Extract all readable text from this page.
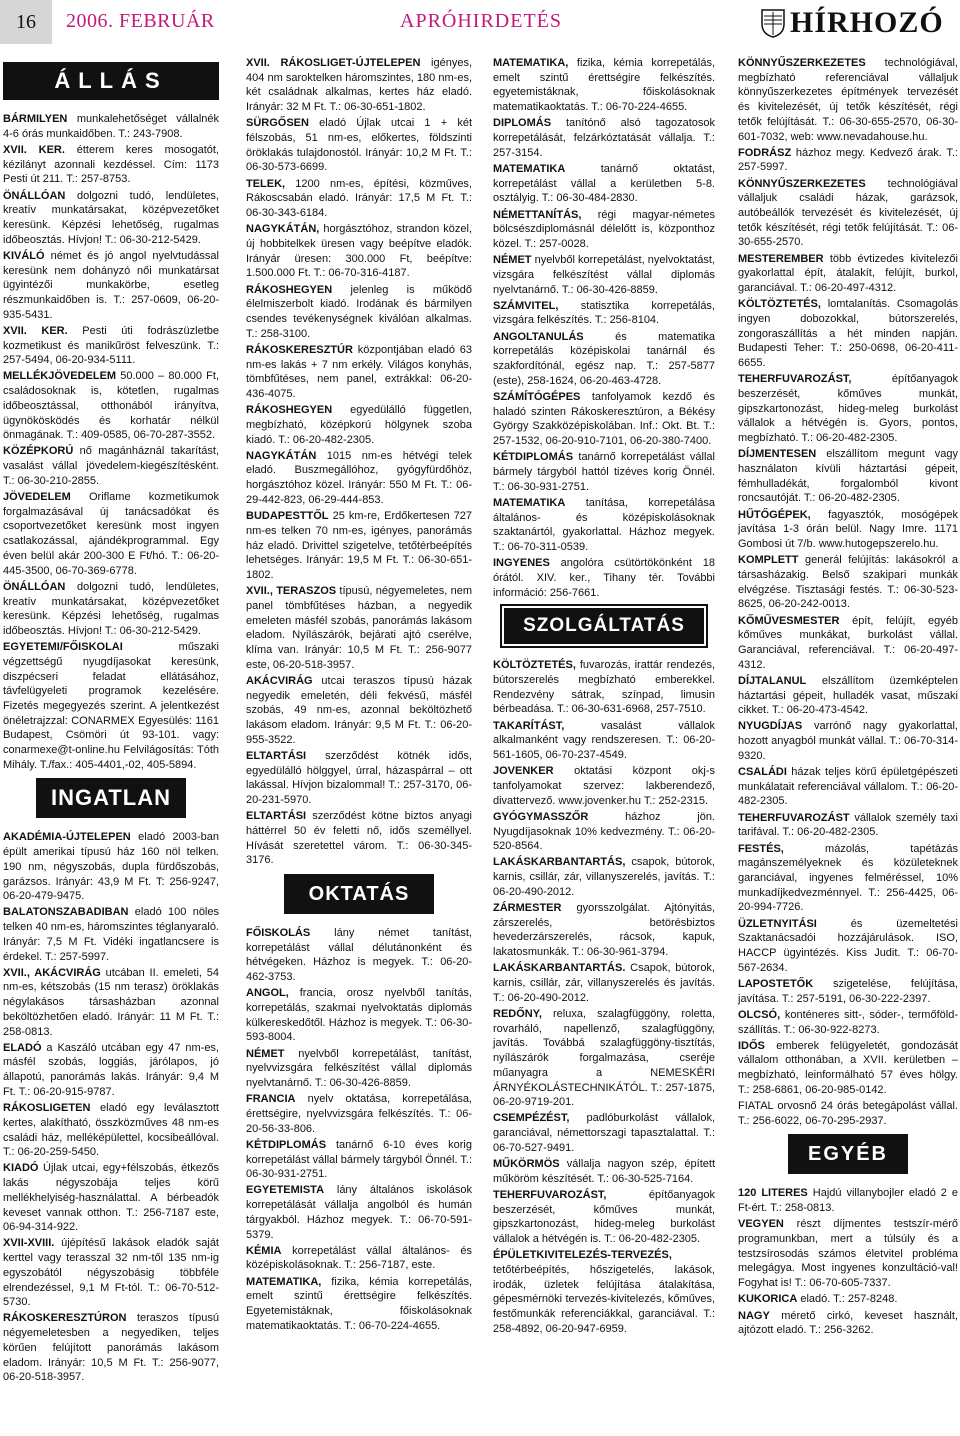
16	2006. FEBRUÁR	APRÓHIRDETÉS	HÍRHOZÓ
ÁLLÁS

BÁRMILYEN munkalehetőséget vállalnék 4-6 órás munkaidőben. T.: 243-7908.

XVII. KER. étterem keres mosogatót, kézilányt azonnali kezdéssel. Cím: 1173 Pesti út 211. T.: 257-8753.

ÖNÁLLÓAN dolgozni tudó, lendületes, kreatív munkatársakat, középvezetőket keresünk. Képzési lehetőség, rugalmas időbeosztás. Hívjon! T.: 06-30-212-5429.

KIVÁLÓ német és jó angol nyelvtudással keresünk nem dohányzó női munkatársat ügyintézői munkakörbe, esetleg részmunkaidőben is. T.: 257-0609, 06-20-935-5431.

XVII. KER. Pesti úti fodrászüzletbe kozmetikust és manikűröst felveszünk. T.: 257-5494, 06-20-934-5111.

MELLÉKJÖVEDELEM 50.000 – 80.000 Ft, családosoknak is, kötetlen, rugalmas időbeosztással, otthonából irányítva, ügynökösködés és korhatár nélkül önmagának. T.: 409-0585, 06-70-287-3552.

KÖZÉPKORÚ nő magánháznál takarítást, vasalást vállal jövedelem-kiegészítésként. T.: 06-30-210-2855.

JÖVEDELEM Oriflame kozmetikumok forgalmazásával új tanácsadókat és csoportvezetőket keresünk most ingyen csatlakozással, ajándékprogrammal. Egy éven belül akár 200-300 E Ft/hó. T.: 06-20-445-3500, 06-70-369-6778.

ÖNÁLLÓAN dolgozni tudó, lendületes, kreatív munkatársakat, középvezetőket keresünk. Képzési lehetőség, rugalmas időbeosztás. Hívjon! T.: 06-30-212-5429.

EGYETEMI/FŐISKOLAI műszaki végzettségű nyugdíjasokat keresünk, diszpécseri feladat ellátásához, távfelügyeleti programok kezelésére. Fizetés megegyezés szerint. A jelentkezést önéletrajzzal: CONARMEX Egyesülés: 1161 Budapest, Csömöri út 93-101. vagy: conarmexe@t-online.hu Felvilágosítás: Tóth Mihály. T./fax.: 405-4401,-02, 405-5894.

INGATLAN

AKADÉMIA-ÚJTELEPEN eladó 2003-ban épült amerikai típusú ház 160 nöl telken. 190 nm, négyszobás, dupla fürdőszobás, garázsos. Irányár: 43,9 M Ft. T: 256-9247, 06-20-479-9475.

BALATONSZABADIBAN eladó 100 nöles telken 40 nm-es, háromszintes téglanyaraló. Irányár: 7,5 M Ft. Vidéki ingatlancsere is érdekel. T.: 257-5997.

XVII., AKÁCVIRÁG utcában II. emeleti, 54 nm-es, kétszobás (15 nm terasz) öröklakás négylakásos társasházban azonnal beköltözhetően eladó. Irányár: 11 M Ft. T.: 258-0813.

ELADÓ a Kaszáló utcában egy 47 nm-es, másfél szobás, loggiás, járólapos, jó állapotú, panorámás lakás. Irányár: 9,4 M Ft. T.: 06-20-915-9787.

RÁKOSLIGETEN eladó egy leválasztott kertes, alakítható, összközműves 48 nm-es családi ház, melléképülettel, kocsibeállóval. T.: 06-20-259-5450.

KIADÓ Újlak utcai, egy+félszobás, étkezős lakás négyszobája teljes körű mellékhelyiség-használattal. A bérbeadók keveset vannak otthon. T.: 256-7187 este, 06-94-314-922.

XVII-XVIII. újépítésű lakások eladók saját kerttel vagy terasszal 32 nm-től 135 nm-ig egyszobától négyszobásig többféle elrendezéssel, 9,1 M Ft-tól. T.: 06-70-512-5730.

RÁKOSKERESZTÚRON teraszos típusú négyemeletesben a negyediken, teljes körűen felújított panorámás lakásom eladom. Irányár: 10,5 M Ft. T.: 256-9077, 06-20-518-3957.

XVII. RÁKOSLIGET-ÚJTELEPEN igényes, 404 nm saroktelken háromszintes, 180 nm-es, két családnak alkalmas, kertes ház eladó. Irányár: 32 M Ft. T.: 06-30-651-1802.

SÜRGŐSEN eladó Újlak utcai 1 + két félszobás, 51 nm-es, előkertes, földszinti öröklakás tulajdonostól. Irányár: 10,2 M Ft. T.: 06-30-573-6699.

TELEK, 1200 nm-es, építési, közműves, Rákoscsabán eladó. Irányár: 17,5 M Ft. T.: 06-30-343-6184.

NAGYKÁTÁN, horgásztóhoz, strandon közel, új hobbitelkek üresen vagy beépítve eladók. Irányár üresen: 300.000 Ft, beépítve: 1.500.000 Ft. T.: 06-70-316-4187.

RÁKOSHEGYEN jelenleg is működő élelmiszerbolt kiadó. Irodának és bármilyen csendes tevékenységnek kiválóan alkalmas. T.: 258-3100.

RÁKOSKERESZTÚR központjában eladó 63 nm-es lakás + 7 nm erkély. Világos konyhás, tömbfűtéses, nem panel, extrákkal: 06-20-436-4075.

RÁKOSHEGYEN egyedülálló független, megbízható, középkorú hölgynek szoba kiadó. T.: 06-20-482-2305.

NAGYKÁTÁN 1015 nm-es hétvégi telek eladó. Buszmegállóhoz, gyógyfürdőhöz, horgásztóhoz közel. Irányár: 550 M Ft. T.: 06-29-442-823, 06-29-444-853.

BUDAPESTTŐL 25 km-re, Erdőkertesen 727 nm-es telken 70 nm-es, igényes, panorámás ház eladó. Drivittel szigetelve, tetőtérbeépítés lehetséges. Irányár: 19,5 M Ft. T.: 06-30-651-1802.

XVII., TERASZOS típusú, négyemeletes, nem panel tömbfűtéses házban, a negyedik emeleten másfél szobás, panorámás lakásom eladom. Nyílászárók, bejárati ajtó cserélve, klíma van. Irányár: 10,5 M Ft. T.: 256-9077 este, 06-20-518-3957.

AKÁCVIRÁG utcai teraszos típusú házak negyedik emeletén, déli fekvésű, másfél szobás, 49 nm-es, azonnal beköltözhető lakásom eladom. Irányár: 9,5 M Ft. T.: 06-20-955-3522.

ELTARTÁSI szerződést kötnék idős, egyedülálló hölggyel, úrral, házaspárral – ott lakással. Hívjon bizalommal! T.: 257-3170, 06-20-231-5970.

ELTARTÁSI szerződést kötne biztos anyagi háttérrel 50 év feletti nő, idős személlyel. Hívását szeretettel várom. T.: 06-30-345-3176.

OKTATÁS

FŐISKOLÁS lány német tanítást, korrepetálást vállal délutánonként és hétvégeken. Házhoz is megyek. T.: 06-20-462-3753.

ANGOL, francia, orosz nyelvből tanítás, korrepetálás, szakmai nyelvoktatás diplomás külkereskedőtől. Házhoz is megyek. T.: 06-30-593-8004.

NÉMET nyelvből korrepetálást, tanítást, nyelvvizsgára felkészítést vállal diplomás nyelvtanárnő. T.: 06-30-426-8859.

FRANCIA nyelv oktatása, korrepetálása, érettségire, nyelvvizsgára felkészítés. T.: 06-20-56-33-806.

KÉTDIPLOMÁS tanárnő 6-10 éves korig korrepetálást vállal bármely tárgyból Önnél. T.: 06-30-931-2751.

EGYETEMISTA lány általános iskolások korrepetálását vállalja angolból és humán tárgyakból. Házhoz megyek. T.: 06-70-591-5379.

KÉMIA korrepetálást vállal általános- és középiskolásoknak. T.: 256-7187, este.

MATEMATIKA, fizika, kémia korrepetálás, emelt szintű érettségire felkészítés. Egyetemistáknak, főiskolásoknak matematikaoktatás. T.: 06-70-224-4655.

MATEMATIKA, fizika, kémia korrepetálás, emelt szintű érettségire felkészítés. egyetemistáknak, főiskolásoknak matematikaoktatás. T.: 06-70-224-4655.

DIPLOMÁS tanítónő alsó tagozatosok korrepetálását, felzárkóztatását vállalja. T.: 257-3154.

MATEMATIKA tanárnő oktatást, korrepetálást vállal a kerületben 5-8. osztályig. T.: 06-30-484-2830.

NÉMETTANÍTÁS, régi magyar-németes bölcsészdiplomásnál délelőtt is, központhoz közel. T.: 257-0028.

NÉMET nyelvből korrepetálást, nyelvoktatást, vizsgára felkészítést vállal diplomás nyelvtanárnő. T.: 06-30-426-8859.

SZÁMVITEL, statisztika korrepetálás, vizsgára felkészítés. T.: 256-8104.

ANGOLTANULÁS és matematika korrepetálás középiskolai tanárnál és szakfordítónál, egész nap. T.: 257-5877 (este), 258-1624, 06-20-463-4728.

SZÁMÍTÓGÉPES tanfolyamok kezdő és haladó szinten Rákoskeresztúron, a Békésy György Szakközépiskolában. Inf.: Okt. Bt. T.: 257-1532, 06-20-910-7101, 06-20-380-7400.

KÉTDIPLOMÁS tanárnő korrepetálást vállal bármely tárgyból hattól tizéves korig Önnél. T.: 06-30-931-2751.

MATEMATIKA tanítása, korrepetálása általános- és középiskolásoknak szaktanártól, gyakorlattal. Házhoz megyek. T.: 06-70-311-0539.

INGYENES angolóra csütörtökönként 18 órától. XIV. ker., Tihany tér. További információ: 256-7661.

SZOLGÁLTATÁS

KÖLTÖZTETÉS, fuvarozás, irattár rendezés, bútorszerelés megbízható emberekkel. Rendezvény sátrak, színpad, limusin bérbeadása. T.: 06-30-631-6968, 257-7510.

TAKARÍTÁST, vasalást vállalok alkalmanként vagy rendszeresen. T.: 06-20-561-1605, 06-70-237-4549.

JOVENKER oktatási központ okj-s tanfolyamokat szervez: lakberendező, divattervező. www.jovenker.hu T.: 252-2315.

GYÓGYMASSZŐR házhoz jön. Nyugdíjasoknak 10% kedvezmény. T.: 06-20-520-8564.

LAKÁSKARBANTARTÁS, csapok, bútorok, karnis, csillár, zár, villanyszerelés, javítás. T.: 06-20-490-2012.

ZÁRMESTER gyorsszolgálat. Ajtónyitás, zárszerelés, betörésbiztos hevederzárszerelés, rácsok, kapuk, lakatosmunkák. T.: 06-30-961-3794.

LAKÁSKARBANTARTÁS. Csapok, bútorok, karnis, csillár, zár, villanyszerelés és javítás. T.: 06-20-490-2012.

REDŐNY, reluxa, szalagfüggöny, roletta, rovarháló, napellenző, szalagfüggöny, javítás. Továbbá szalagfüggöny-tisztítás, nyílászárók forgalmazása, cseréje műanyagra a NEMESKÉRI ÁRNYÉKOLÁSTECHNIKÁTÓL. T.: 257-1875, 06-20-9719-201.

CSEMPÉZÉST, padlóburkolást vállalok, garanciával, némettorszagi tapasztalattal. T.: 06-70-527-9491.

MŰKÖRMÖS vállalja nagyon szép, épített műköröm készítését. T.: 06-30-525-7164.

TEHERFUVAROZÁST, építőanyagok beszerzését, kőműves munkát, gipszkartonozást, hideg-meleg burkolást vállalok a hétvégén is. T.: 06-20-482-2305.

ÉPÜLETKIVITELEZÉS-TERVEZÉS, tetőtérbeépítés, hőszigetelés, lakások, irodák, üzletek felújítása átalakítása, gépesmérnöki tervezés-kivitelezés, kőműves, festőmunkák referenciákkal, garanciával. T.: 258-4892, 06-20-947-6959.

KÖNNYŰSZERKEZETES technológiával, megbízható referenciával vállaljuk könnyűszerkezetes építmények tervezését és kivitelezését, új tetők készítését, régi tetők felújítását. T.: 06-30-655-2570, 06-30-601-7032, web: www.nevadahouse.hu.

FODRÁSZ házhoz megy. Kedvező árak. T.: 257-5997.

KÖNNYŰSZERKEZETES technológiával vállaljuk családi házak, garázsok, autóbeállók tervezését és kivitelezését, új tetők készítését, régi tetők felújítását. T.: 06-30-655-2570.

MESTEREMBER több évtizedes kivitelezői gyakorlattal épít, átalakít, felújít, burkol, garanciával. T.: 06-20-497-4312.

KÖLTÖZTETÉS, lomtalanítás. Csomagolás ingyen dobozokkal, bútorszerelés, zongoraszállítás a hét minden napján. Budapesti Teher: T.: 250-0698, 06-20-411-6655.

TEHERFUVAROZÁST, építőanyagok beszerzését, kőműves munkát, gipszkartonozást, hideg-meleg burkolást vállalok a hétvégén is. Gyors, pontos, megbízható. T.: 06-20-482-2305.

DÍJMENTESEN elszállítom megunt vagy használaton kívüli háztartási gépeit, fémhulladékát, forgalomból kivont roncsautóját. T.: 06-20-482-2305.

HŰTŐGÉPEK, fagyasztók, mosógépek javítása 1-3 órán belül. Nagy Imre. 1171 Gombosi út 7/b. www.hutogepszerelo.hu.

KOMPLETT generál felújítás: lakásokról a társasházakig. Belső szakipari munkák elvégzése. Tisztasági festés. T.: 06-30-523-8625, 06-20-242-0013.

KŐMŰVESMESTER épít, felújít, egyéb kőműves munkákat, burkolást vállal. Garanciával, referenciával. T.: 06-20-497-4312.

DÍJTALANUL elszállítom üzemképtelen háztartási gépeit, hulladék vasat, műszaki cikket. T.: 06-20-473-4542.

NYUGDÍJAS varrónő nagy gyakorlattal, hozott anyagból munkát vállal. T.: 06-70-314-9320.

CSALÁDI házak teljes körű épületgépészeti munkálatait referenciával vállalom. T.: 06-20-482-2305.

TEHERFUVAROZÁST vállalok személy taxi tarifával. T.: 06-20-482-2305.

FESTÉS, mázolás, tapétázás magánszemélyeknek és közületeknek garanciával, ingyenes felméréssel, 10% munkadíjkedvezménnyel. T.: 256-4425, 06-20-994-7726.

ÜZLETNYITÁSI és üzemeltetési Szaktanácsadói hozzájárulások. ISO, HACCP ügyintézés. Kiss Judit. T.: 06-70-567-2634.

LAPOSTETŐK szigetelése, felújítása, javítása. T.: 257-5191, 06-30-222-2397.

OLCSÓ, konténeres sitt-, sóder-, termőföld-szállítás. T.: 06-30-922-8273.

IDŐS emberek felügyeletét, gondozását vállalom otthonában, a XVII. kerületben – megbízható, leinformálható 57 éves hölgy. T.: 258-6861, 06-20-985-0142.

FIATAL orvosnő 24 órás betegápolást vállal. T.: 256-6022, 06-70-295-2937.

EGYÉB

120 LITERES Hajdú villanybojler eladó 2 e Ft-ért. T.: 258-0813.

VEGYEN részt díjmentes testszír-mérő programunkban, mert a túlsúly és a testzsírosodás számos életvitel probléma melegágya. Most ingyenes konzultáció-val! Fogyhat is! T.: 06-70-605-7337.

KUKORICA eladó. T.: 257-8248.

NAGY mérető cirkó, keveset használt, ajtózott eladó. T.: 256-3262.
